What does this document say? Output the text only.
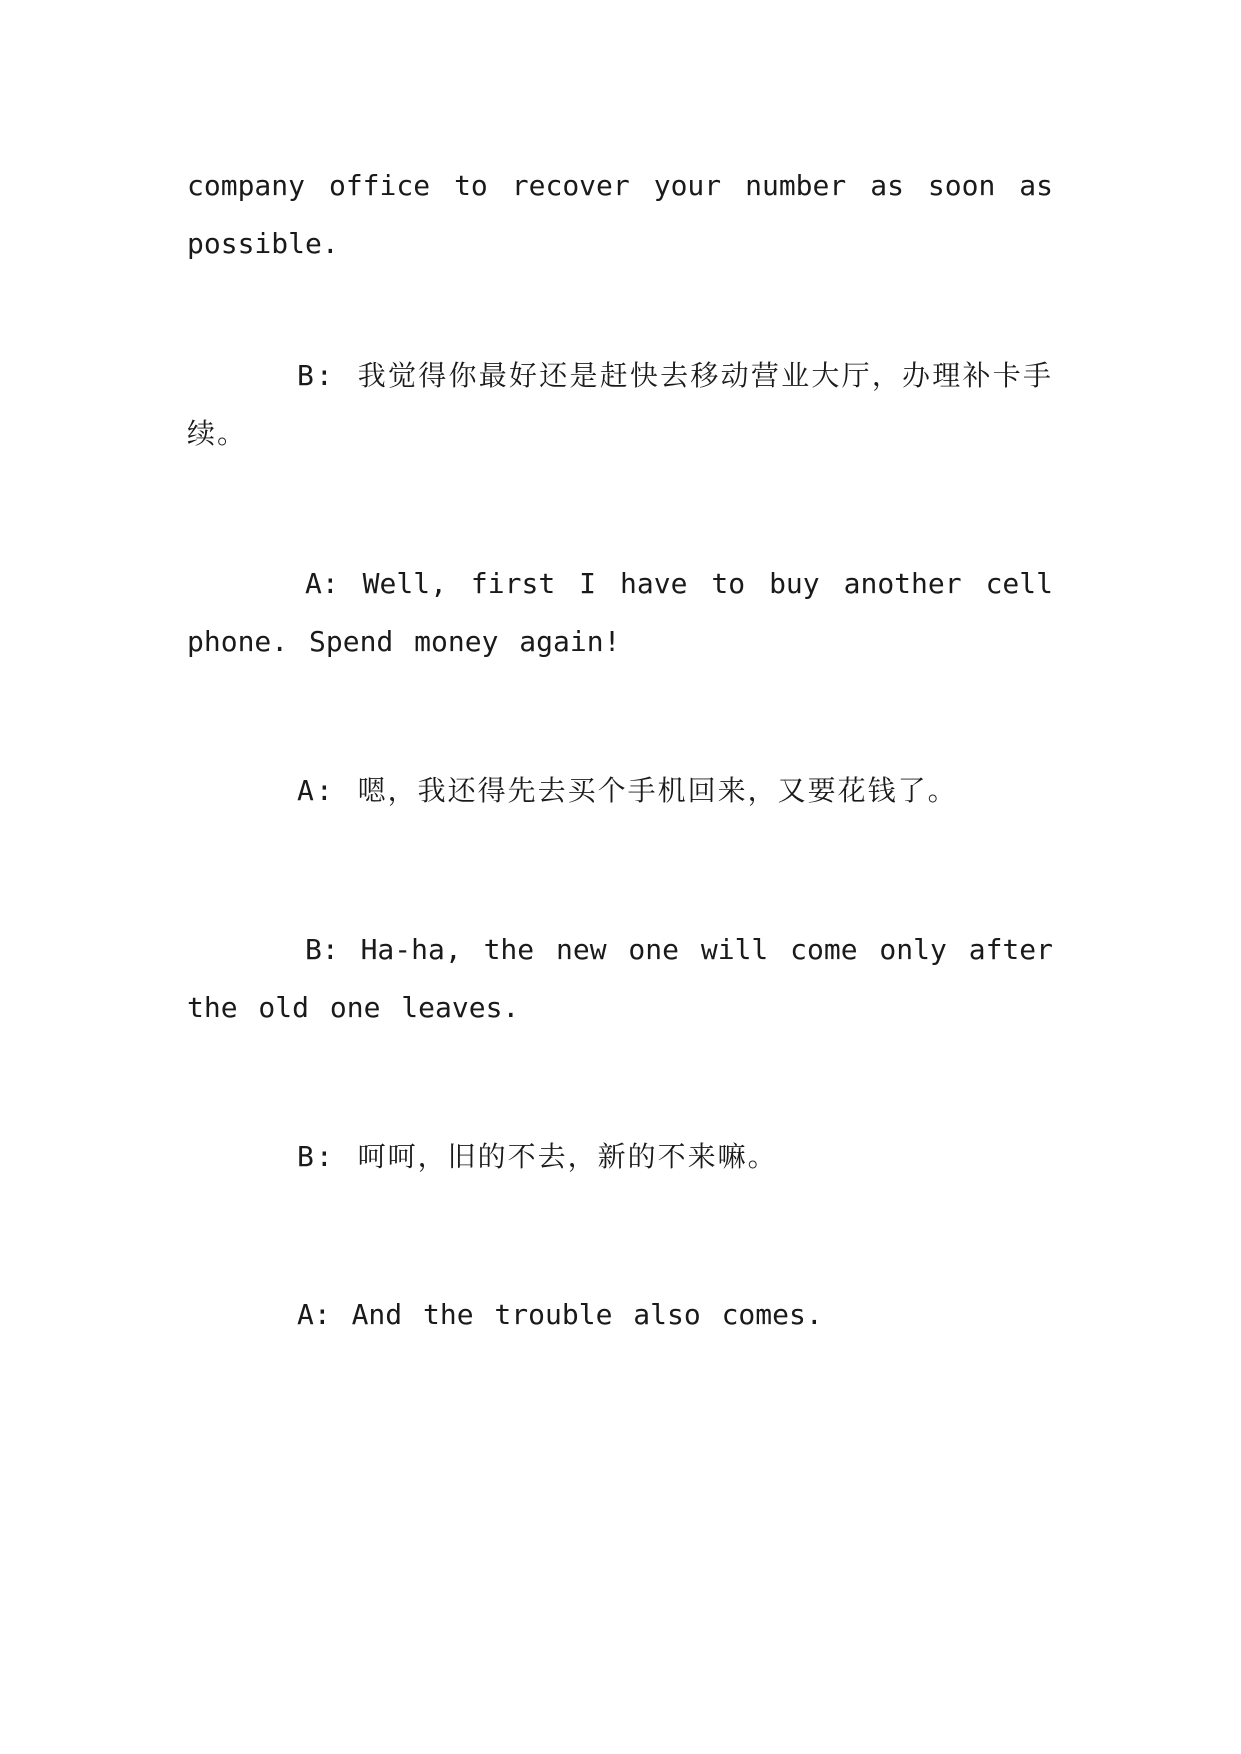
company office to recover your number as soon as possible.

B: 我觉得你最好还是赶快去移动营业大厅，办理补卡手续。

A: Well, first I have to buy another cell phone. Spend money again!

A: 嗯，我还得先去买个手机回来，又要花钱了。

B: Ha-ha, the new one will come only after the old one leaves.

B: 呵呵，旧的不去，新的不来嘛。

A: And the trouble also comes.
